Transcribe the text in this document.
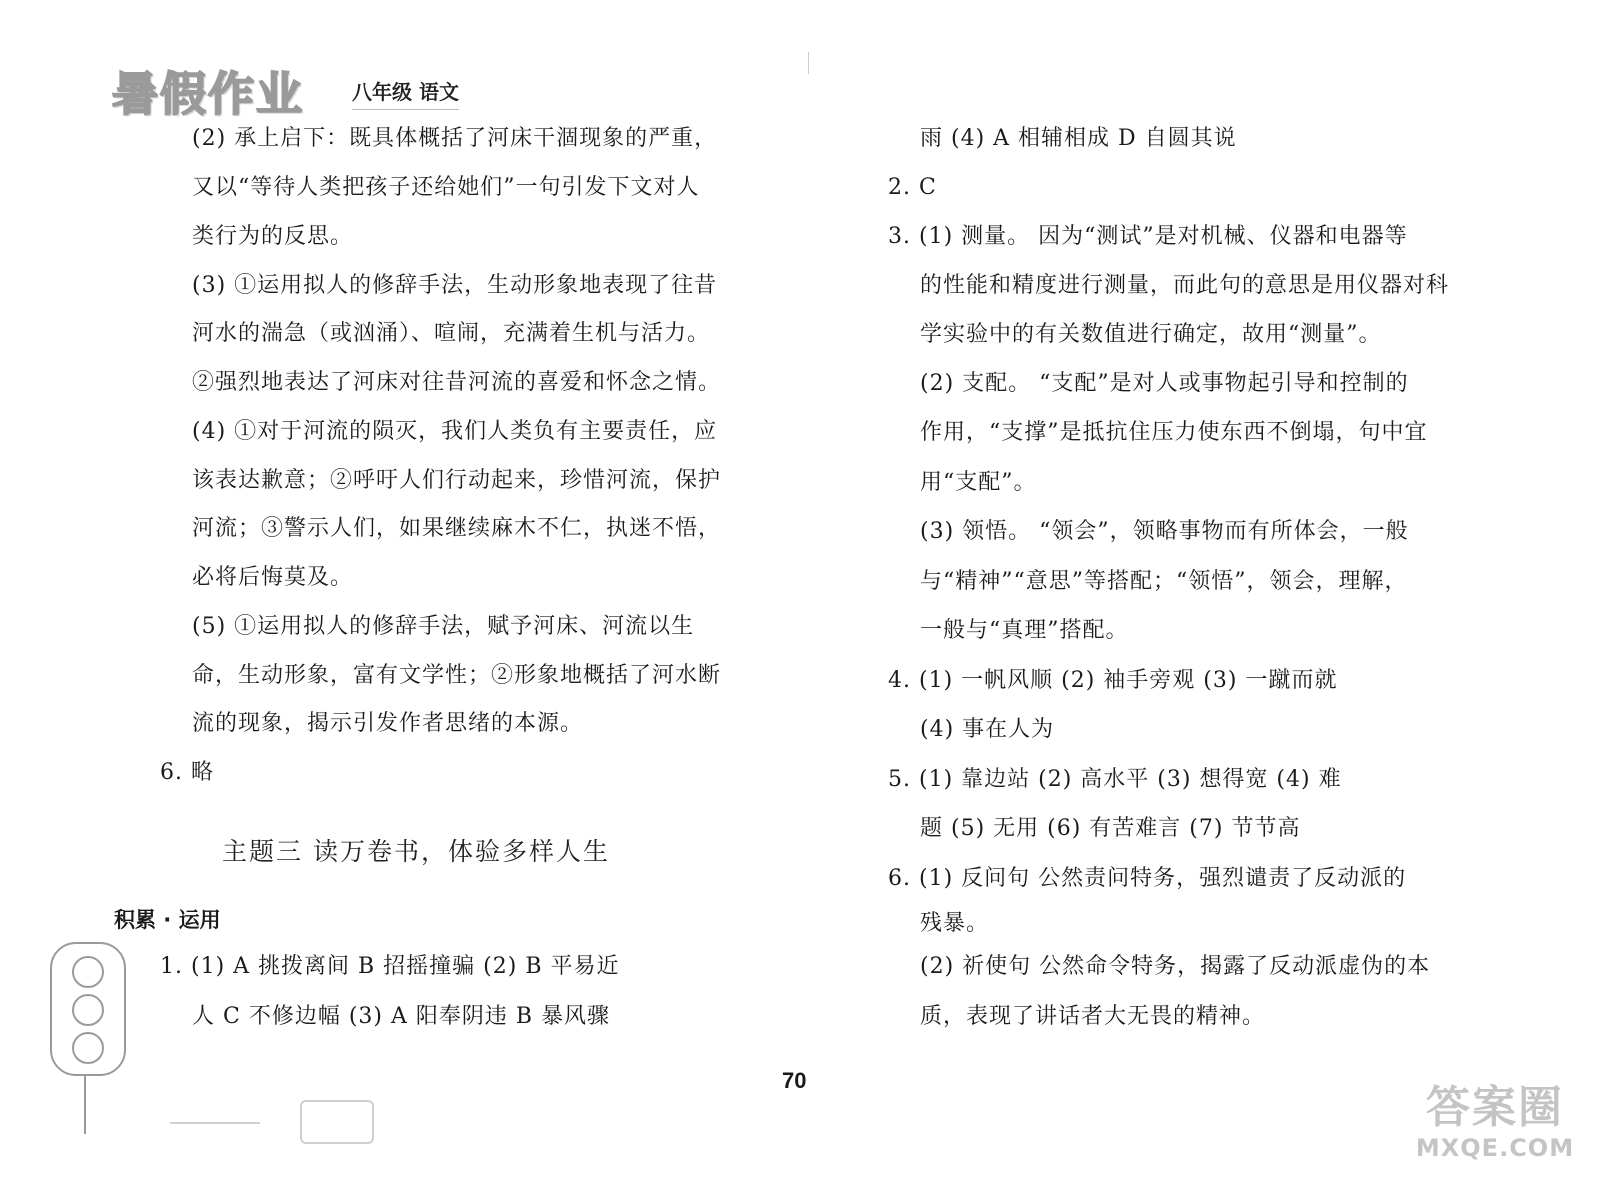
暑假作业 八年级 语文
(2) 承上启下：既具体概括了河床干涸现象的严重，
又以“等待人类把孩子还给她们”一句引发下文对人
类行为的反思。
(3) ①运用拟人的修辞手法，生动形象地表现了往昔
河水的湍急（或汹涌）、喧闹，充满着生机与活力。
②强烈地表达了河床对往昔河流的喜爱和怀念之情。
(4) ①对于河流的陨灭，我们人类负有主要责任，应
该表达歉意；②呼吁人们行动起来，珍惜河流，保护
河流；③警示人们，如果继续麻木不仁，执迷不悟，
必将后悔莫及。
(5) ①运用拟人的修辞手法，赋予河床、河流以生
命，生动形象，富有文学性；②形象地概括了河水断
流的现象，揭示引发作者思绪的本源。
6. 略
主题三 读万卷书，体验多样人生
积累 · 运用
1. (1) A 挑拨离间 B 招摇撞骗 (2) B 平易近
人 C 不修边幅 (3) A 阳奉阴违 B 暴风骤
雨 (4) A 相辅相成 D 自圆其说
2. C
3. (1) 测量。 因为“测试”是对机械、仪器和电器等
的性能和精度进行测量，而此句的意思是用仪器对科
学实验中的有关数值进行确定，故用“测量”。
(2) 支配。 “支配”是对人或事物起引导和控制的
作用，“支撑”是抵抗住压力使东西不倒塌，句中宜
用“支配”。
(3) 领悟。 “领会”，领略事物而有所体会，一般
与“精神”“意思”等搭配；“领悟”，领会，理解，
一般与“真理”搭配。
4. (1) 一帆风顺 (2) 袖手旁观 (3) 一蹴而就
(4) 事在人为
5. (1) 靠边站 (2) 高水平 (3) 想得宽 (4) 难
题 (5) 无用 (6) 有苦难言 (7) 节节高
6. (1) 反问句 公然责问特务，强烈谴责了反动派的
残暴。
(2) 祈使句 公然命令特务，揭露了反动派虚伪的本
质，表现了讲话者大无畏的精神。
70
答案圈
MXQE.COM
